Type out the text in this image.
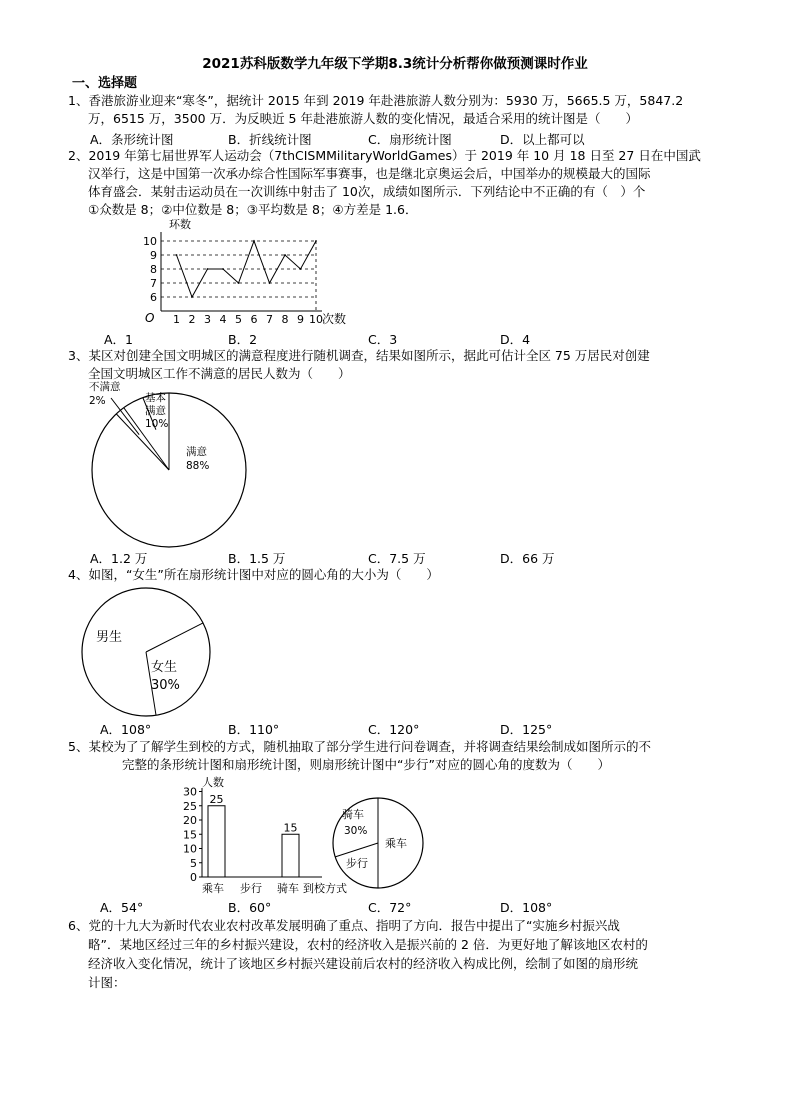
2021苏科版数学九年级下学期8.3统计分析帮你做预测课时作业
一、选择题
1、香港旅游业迎来“寒冬”，据统计 2015 年到 2019 年赴港旅游人数分别为：5930 万，5665.5 万，5847.2
万，6515 万，3500 万．为反映近 5 年赴港旅游人数的变化情况，最适合采用的统计图是（　　）
A．条形统计图	B．折线统计图	C．扇形统计图	D．以上都可以
2、2019 年第七届世界军人运动会（7thCISMMilitaryWorldGames）于 2019 年 10 月 18 日至 27 日在中国武
汉举行，这是中国第一次承办综合性国际军事赛事，也是继北京奥运会后，中国举办的规模最大的国际
体育盛会．某射击运动员在一次训练中射击了 10次，成绩如图所示．下列结论中不正确的有（　）个
①众数是 8；②中位数是 8；③平均数是 8；④方差是 1.6．
6
7
8
9
10
1 2 3 4 5 6 7 8 9 10
环数
次数
O
A．1	B．2	C．3	D．4
3、某区对创建全国文明城区的满意程度进行随机调查，结果如图所示，据此可估计全区 75 万居民对创建
全国文明城区工作不满意的居民人数为（　　）
不满意
2%	基本
满意
10%
满意
88%
A．1.2 万	B．1.5 万	C．7.5 万	D．66 万
4、如图，“女生”所在扇形统计图中对应的圆心角的大小为（　　）
男生
女生
30%
A．108°	B．110°	C．120°	D．125°
5、某校为了了解学生到校的方式，随机抽取了部分学生进行问卷调查，并将调查结果绘制成如图所示的不
完整的条形统计图和扇形统计图，则扇形统计图中“步行”对应的圆心角的度数为（　　）
0
5
10
15
20
25
30
25
15
人数
乘车 步行 骑车 到校方式
骑车
30%
乘车
步行
A．54°	B．60°	C．72°	D．108°
6、党的十九大为新时代农业农村改革发展明确了重点、指明了方向．报告中提出了“实施乡村振兴战
略”．某地区经过三年的乡村振兴建设，农村的经济收入是振兴前的 2 倍．为更好地了解该地区农村的
经济收入变化情况，统计了该地区乡村振兴建设前后农村的经济收入构成比例，绘制了如图的扇形统
计图：
